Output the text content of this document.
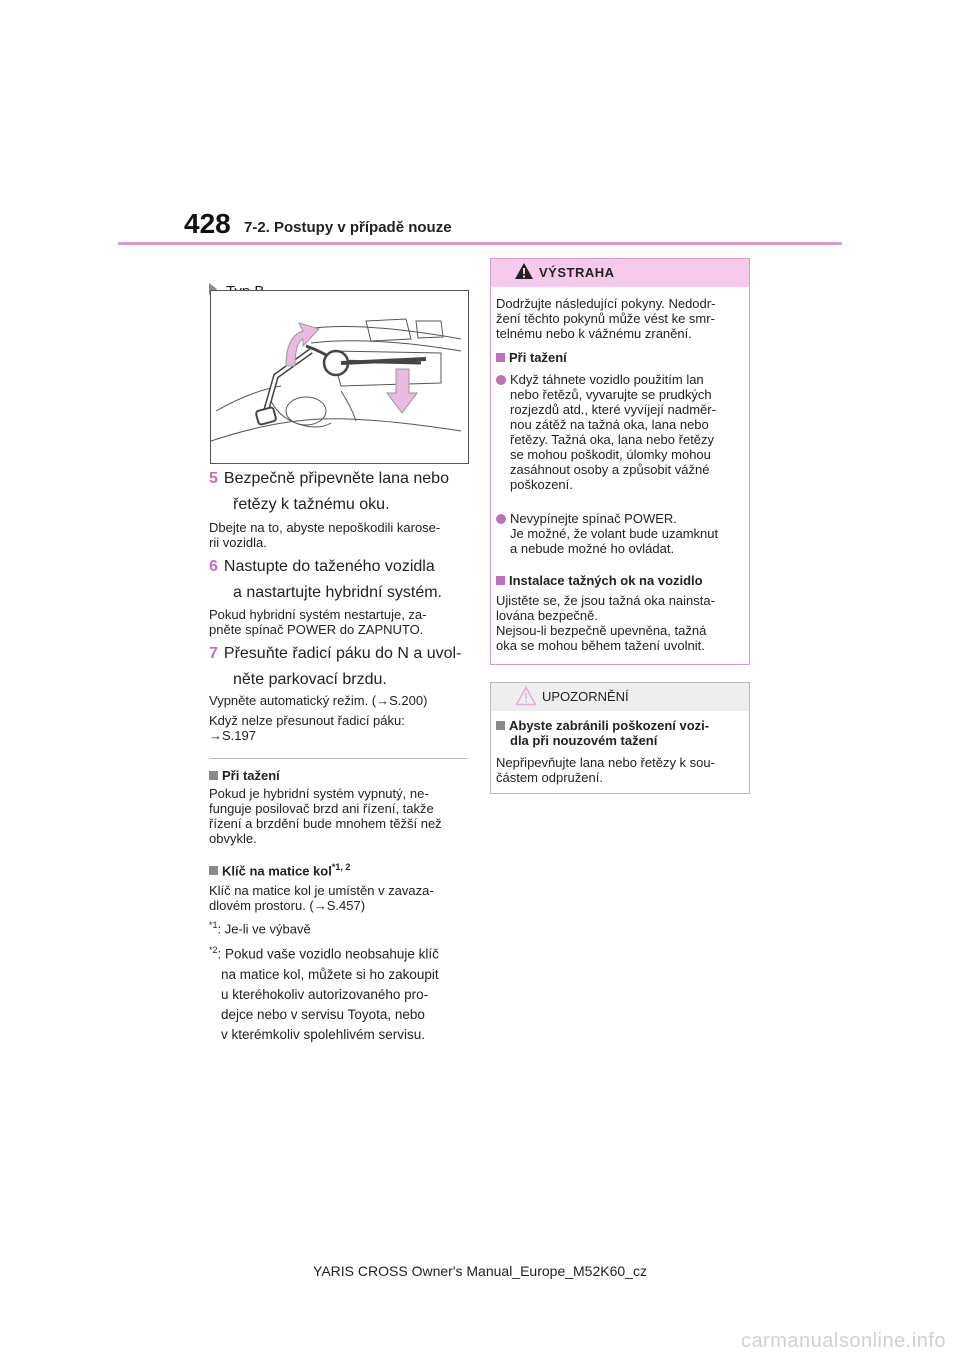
428 7-2. Postupy v případě nouze
5 Bezpečně připevněte lana nebo
řetězy k tažnému oku.
Dbejte na to, abyste nepoškodili karose-
rii vozidla.
6 Nastupte do taženého vozidla
a nastartujte hybridní systém.
Pokud hybridní systém nestartuje, za-
pněte spínač POWER do ZAPNUTO.
7 Přesuňte řadicí páku do N a uvol-
něte parkovací brzdu.
Vypněte automatický režim. (→S.200)
Když nelze přesunout řadicí páku:
→S.197
Při tažení
Pokud je hybridní systém vypnutý, ne-
funguje posilovač brzd ani řízení, takže
řízení a brzdění bude mnohem těžší než
obvykle.
Klíč na matice kol$^{*1, 2}$
Klíč na matice kol je umístěn v zavaza-
dlovém prostoru. (→S.457)
$^{*1}$: Je-li ve výbavě
$^{*2}$: Pokud vaše vozidlo neobsahuje klíč
na matice kol, můžete si ho zakoupit
u kteréhokoliv autorizovaného pro-
dejce nebo v servisu Toyota, nebo
v kterémkoliv spolehlivém servisu.
VÝSTRAHA
Dodržujte následující pokyny. Nedodr-
žení těchto pokynů může vést ke smr-
telnému nebo k vážnému zranění.
Při tažení
Když táhnete vozidlo použitím lan
nebo řetězů, vyvarujte se prudkých
rozjezdů atd., které vyvíjejí nadměr-
nou zátěž na tažná oka, lana nebo
řetězy. Tažná oka, lana nebo řetězy
se mohou poškodit, úlomky mohou
zasáhnout osoby a způsobit vážné
poškození.
Nevypínejte spínač POWER.
Je možné, že volant bude uzamknut
a nebude možné ho ovládat.
Instalace tažných ok na vozidlo
Ujistěte se, že jsou tažná oka nainsta-
lována bezpečně.
Nejsou-li bezpečně upevněna, tažná
oka se mohou během tažení uvolnit.
UPOZORNĚNÍ
Abyste zabránili poškození vozi-
dla při nouzovém tažení
Nepřipevňujte lana nebo řetězy k sou-
částem odpružení.
YARIS CROSS Owner's Manual_Europe_M52K60_cz
carmanualsonline.info
